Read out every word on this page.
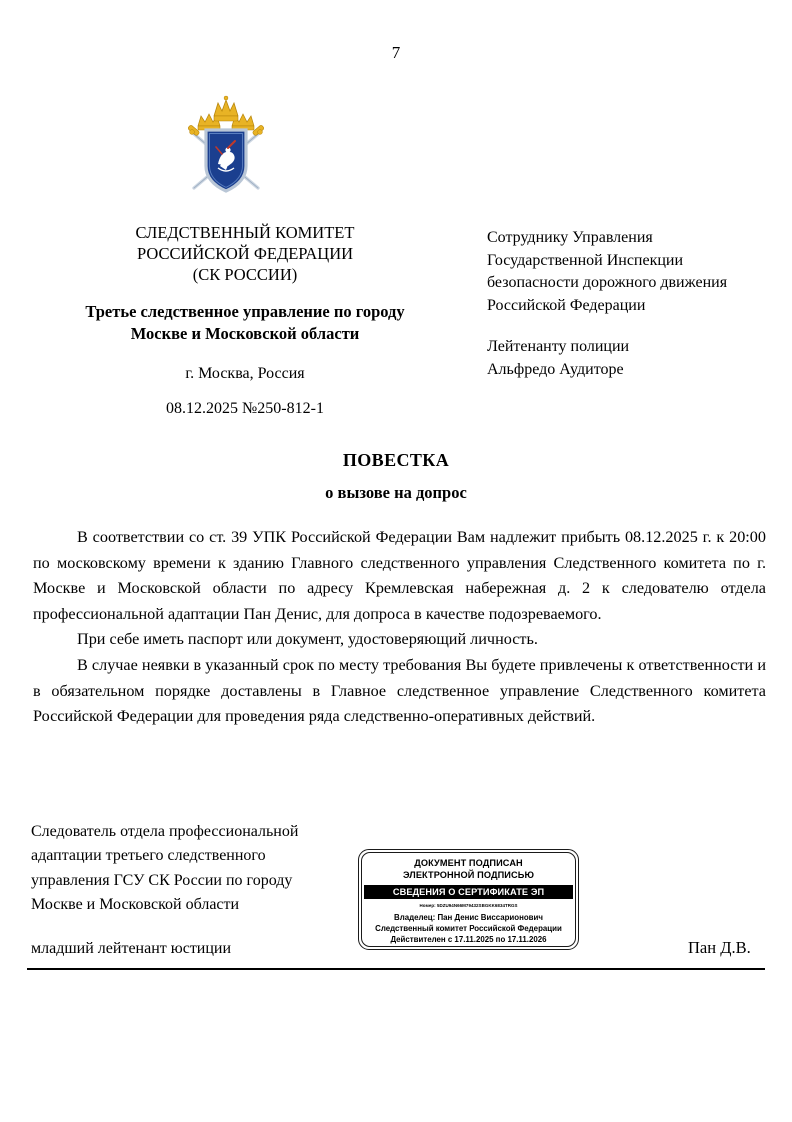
7
СЛЕДСТВЕННЫЙ КОМИТЕТ
РОССИЙСКОЙ ФЕДЕРАЦИИ
(СК РОССИИ)
Третье следственное управление по городу
Москве и Московской области
г. Москва, Россия
08.12.2025 №250-812-1
Сотруднику Управления
Государственной Инспекции
безопасности дорожного движения
Российской Федерации
Лейтенанту полиции
Альфредо Аудиторе
ПОВЕСТКА
о вызове на допрос

В соответствии со ст. 39 УПК Российской Федерации Вам надлежит прибыть 08.12.2025 г. к 20:00 по московскому времени к зданию Главного следственного управления Следственного комитета по г. Москве и Московской области по адресу Кремлевская набережная д. 2 к следователю отдела профессиональной адаптации Пан Денис, для допроса в качестве подозреваемого.

При себе иметь паспорт или документ, удостоверяющий личность.

В случае неявки в указанный срок по месту требования Вы будете привлечены к ответственности и в обязательном порядке доставлены в Главное следственное управление Следственного комитета Российской Федерации для проведения ряда следственно-оперативных действий.

Следователь отдела профессиональной
адаптации третьего следственного
управления ГСУ СК России по городу
Москве и Московской области
младший лейтенант юстиции	Пан Д.В.
ДОКУМЕНТ ПОДПИСАН
ЭЛЕКТРОННОЙ ПОДПИСЬЮ
СВЕДЕНИЯ О СЕРТИФИКАТЕ ЭП
Номер: 5DZU94N66M79432SBGKK6834TRGS
Владелец: Пан Денис Виссарионович
Следственный комитет Российской Федерации
Действителен с 17.11.2025 по 17.11.2026
